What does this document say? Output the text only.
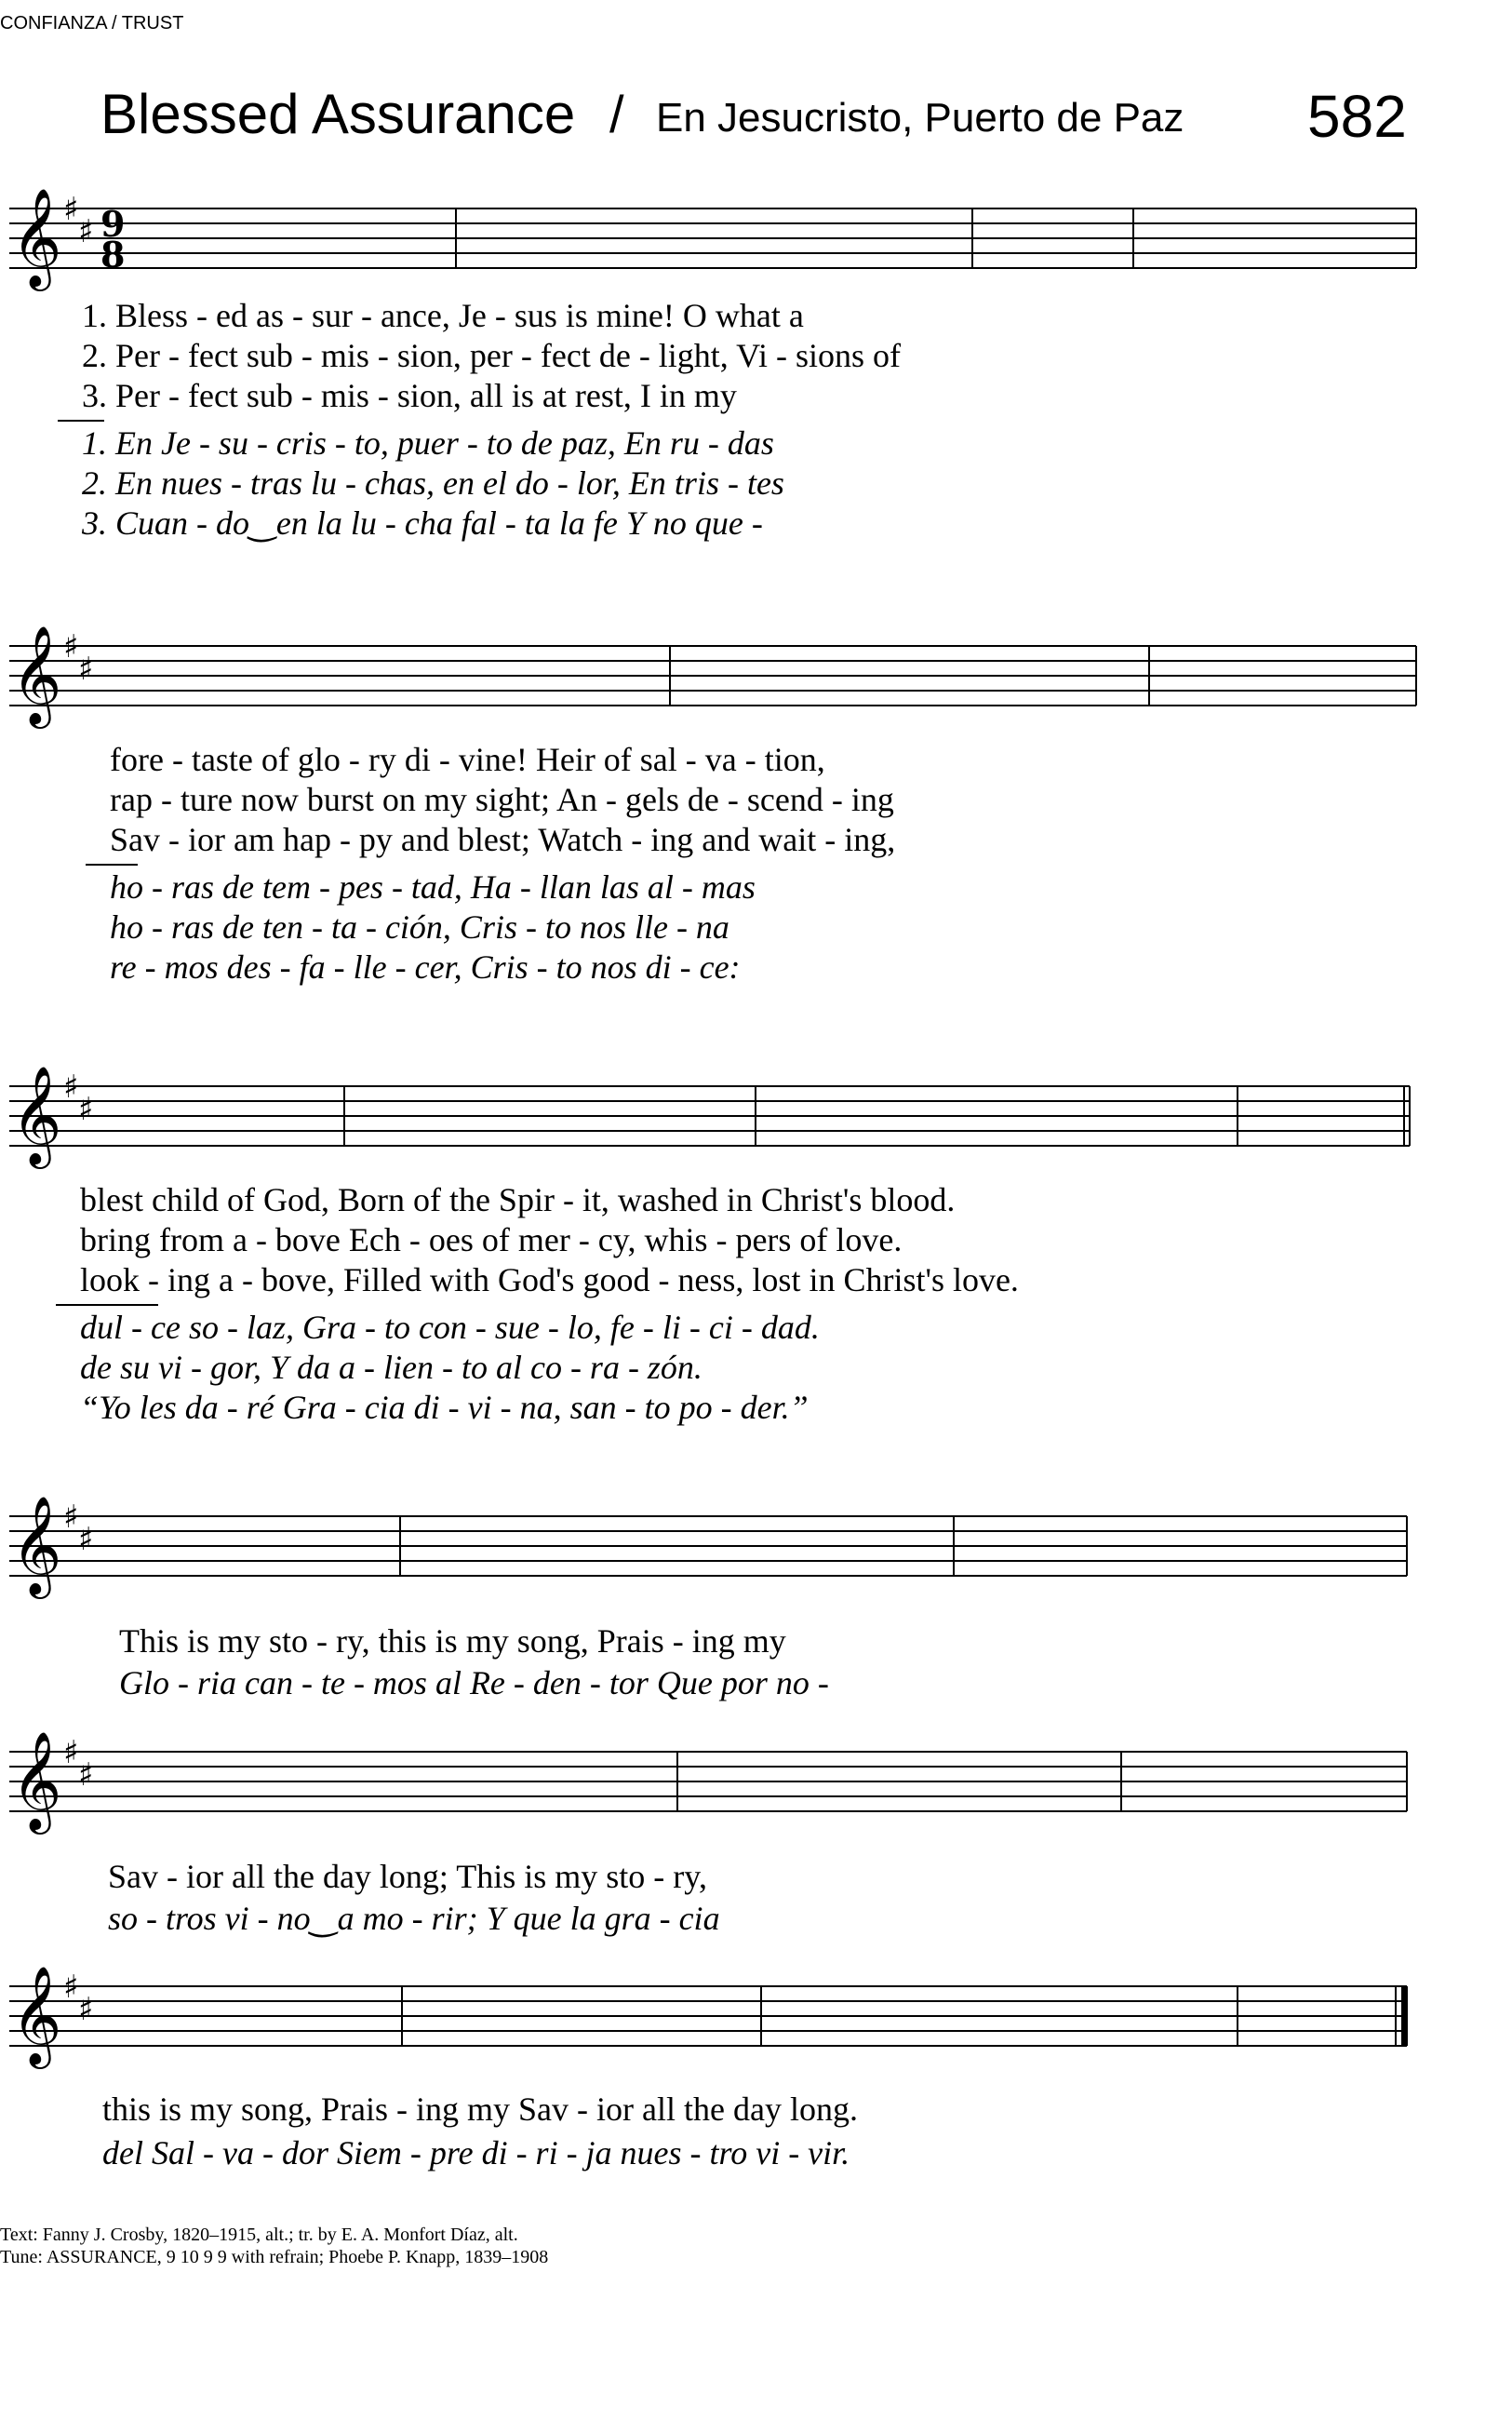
CONFIANZA / TRUST
Blessed Assurance / En Jesucristo, Puerto de Paz 582
𝄞 ♯
♯ 9
8
1. Bless - ed as - sur - ance, Je - sus is mine! O what a
2. Per - fect sub - mis - sion, per - fect de - light, Vi - sions of
3. Per - fect sub - mis - sion, all is at rest, I in my
1. En Je - su - cris - to, puer - to de paz, En ru - das
2. En nues - tras lu - chas, en el do - lor, En tris - tes
3. Cuan - do‿en la lu - cha fal - ta la fe Y no que -
𝄞 ♯
♯
fore - taste of glo - ry di - vine! Heir of sal - va - tion,
rap - ture now burst on my sight; An - gels de - scend - ing
Sav - ior am hap - py and blest; Watch - ing and wait - ing,
ho - ras de tem - pes - tad, Ha - llan las al - mas
ho - ras de ten - ta - ción, Cris - to nos lle - na
re - mos des - fa - lle - cer, Cris - to nos di - ce:
𝄞 ♯
♯
blest child of God, Born of the Spir - it, washed in Christ's blood.
bring from a - bove Ech - oes of mer - cy, whis - pers of love.
look - ing a - bove, Filled with God's good - ness, lost in Christ's love.
dul - ce so - laz, Gra - to con - sue - lo, fe - li - ci - dad.
de su vi - gor, Y da a - lien - to al co - ra - zón.
“Yo les da - ré Gra - cia di - vi - na, san - to po - der.”
𝄞 ♯
♯
This is my sto - ry, this is my song, Prais - ing my
Glo - ria can - te - mos al Re - den - tor Que por no -
𝄞 ♯
♯
Sav - ior all the day long; This is my sto - ry,
so - tros vi - no‿a mo - rir; Y que la gra - cia
𝄞 ♯
♯
this is my song, Prais - ing my Sav - ior all the day long.
del Sal - va - dor Siem - pre di - ri - ja nues - tro vi - vir.
Text: Fanny J. Crosby, 1820–1915, alt.; tr. by E. A. Monfort Díaz, alt.
Tune: ASSURANCE, 9 10 9 9 with refrain; Phoebe P. Knapp, 1839–1908
